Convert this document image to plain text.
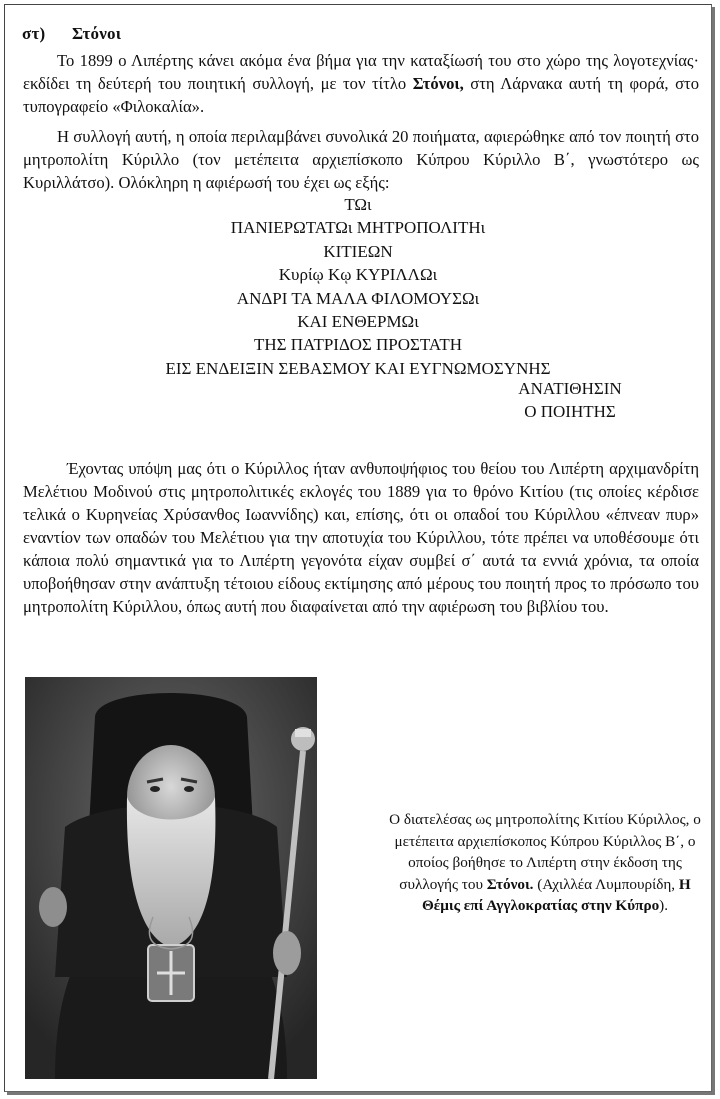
στ) Στόνοι

Το 1899 ο Λιπέρτης κάνει ακόμα ένα βήμα για την καταξίωσή του στο χώρο της λογοτεχνίας· εκδίδει τη δεύτερή του ποιητική συλλογή, με τον τίτλο Στόνοι, στη Λάρνακα αυτή τη φορά, στο τυπογραφείο «Φιλοκαλία».

Η συλλογή αυτή, η οποία περιλαμβάνει συνολικά 20 ποιήματα, αφιερώθηκε από τον ποιητή στο μητροπολίτη Κύριλλο (τον μετέπειτα αρχιεπίσκοπο Κύπρου Κύριλλο Β΄, γνωστότερο ως Κυριλλάτσο). Ολόκληρη η αφιέρωσή του έχει ως εξής:

ΤΩι
ΠΑΝΙΕΡΩΤΑΤΩι ΜΗΤΡΟΠΟΛΙΤΗι
ΚΙΤΙΕΩΝ
Κυρίῳ Κῳ ΚΥΡΙΛΛΩι
ΑΝΔΡΙ ΤΑ ΜΑΛΑ ΦΙΛΟΜΟΥΣΩι
ΚΑΙ ΕΝΘΕΡΜΩι
ΤΗΣ ΠΑΤΡΙΔΟΣ ΠΡΟΣΤΑΤΗ
ΕΙΣ ΕΝΔΕΙΞΙΝ ΣΕΒΑΣΜΟΥ ΚΑΙ ΕΥΓΝΩΜΟΣΥΝΗΣ
ΑΝΑΤΙΘΗΣΙΝ
Ο ΠΟΙΗΤΗΣ

Έχοντας υπόψη μας ότι ο Κύριλλος ήταν ανθυποψήφιος του θείου του Λιπέρτη αρχιμανδρίτη Μελέτιου Μοδινού στις μητροπολιτικές εκλογές του 1889 για το θρόνο Κιτίου (τις οποίες κέρδισε τελικά ο Κυρηνείας Χρύσανθος Ιωαννίδης) και, επίσης, ότι οι οπαδοί του Κύριλλου «έπνεαν πυρ» εναντίον των οπαδών του Μελέτιου για την αποτυχία του Κύριλλου, τότε πρέπει να υποθέσουμε ότι κάποια πολύ σημαντικά για το Λιπέρτη γεγονότα είχαν συμβεί σ΄ αυτά τα εννιά χρόνια, τα οποία υποβοήθησαν στην ανάπτυξη τέτοιου είδους εκτίμησης από μέρους του ποιητή προς το πρόσωπο του μητροπολίτη Κύριλλου, όπως αυτή που διαφαίνεται από την αφιέρωση του βιβλίου του.

Ο διατελέσας ως μητροπολίτης Κιτίου Κύριλλος, ο μετέπειτα αρχιεπίσκοπος Κύπρου Κύριλλος Β΄, ο οποίος βοήθησε το Λιπέρτη στην έκδοση της συλλογής του Στόνοι. (Αχιλλέα Λυμπουρίδη, Η Θέμις επί Αγγλοκρατίας στην Κύπρο).
